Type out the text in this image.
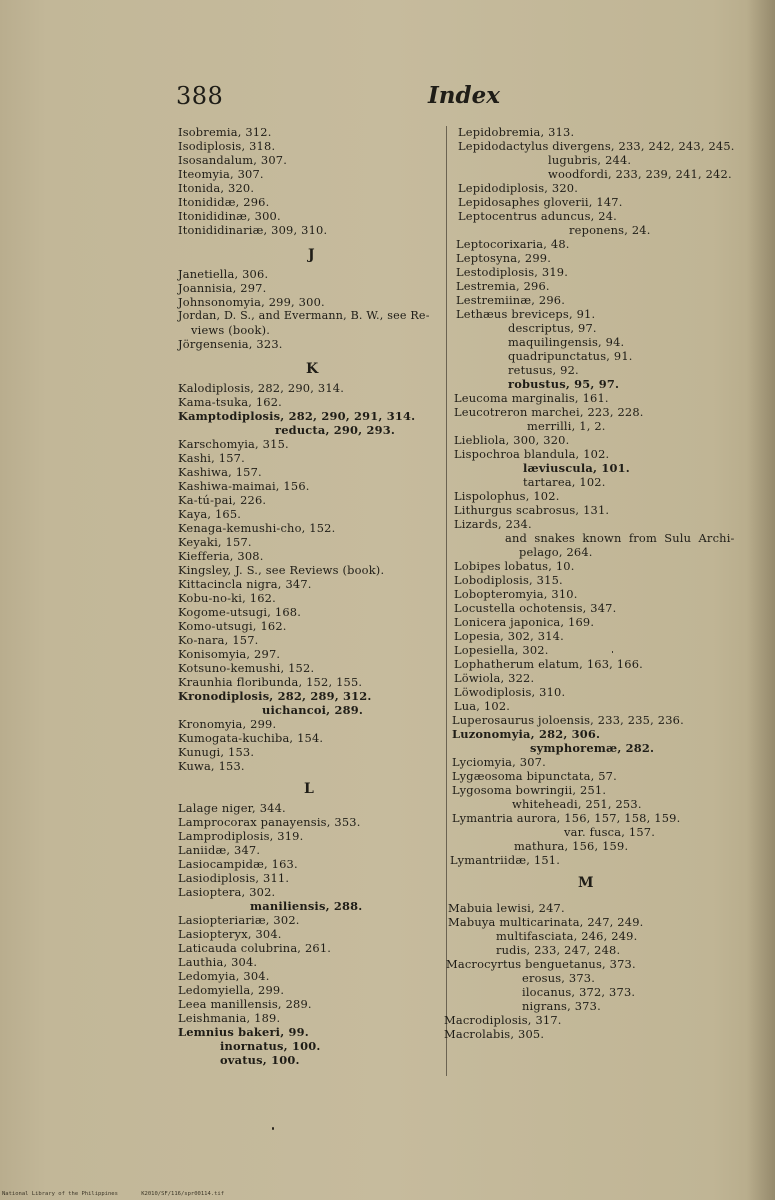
388	Index
Isobremia, 312.
Isodiplosis, 318.
Isosandalum, 307.
Iteomyia, 307.
Itonida, 320.
Itonididæ, 296.
Itonididinæ, 300.
Itonididinariæ, 309, 310.
J
Janetiella, 306.
Joannisia, 297.
Johnsonomyia, 299, 300.
Jordan, D. S., and Evermann, B. W., see Re-
views (book).
Jörgensenia, 323.
K
Kalodiplosis, 282, 290, 314.
Kama-tsuka, 162.
Kamptodiplosis, 282, 290, 291, 314.
reducta, 290, 293.
Karschomyia, 315.
Kashi, 157.
Kashiwa, 157.
Kashiwa-maimai, 156.
Ka-tú-pai, 226.
Kaya, 165.
Kenaga-kemushi-cho, 152.
Keyaki, 157.
Kiefferia, 308.
Kingsley, J. S., see Reviews (book).
Kittacincla nigra, 347.
Kobu-no-ki, 162.
Kogome-utsugi, 168.
Komo-utsugi, 162.
Ko-nara, 157.
Konisomyia, 297.
Kotsuno-kemushi, 152.
Kraunhia floribunda, 152, 155.
Kronodiplosis, 282, 289, 312.
uichancoi, 289.
Kronomyia, 299.
Kumogata-kuchiba, 154.
Kunugi, 153.
Kuwa, 153.
L
Lalage niger, 344.
Lamprocorax panayensis, 353.
Lamprodiplosis, 319.
Laniidæ, 347.
Lasiocampidæ, 163.
Lasiodiplosis, 311.
Lasioptera, 302.
maniliensis, 288.
Lasiopteriariæ, 302.
Lasiopteryx, 304.
Laticauda colubrina, 261.
Lauthia, 304.
Ledomyia, 304.
Ledomyiella, 299.
Leea manillensis, 289.
Leishmania, 189.
Lemnius bakeri, 99.
inornatus, 100.
ovatus, 100.
Lepidobremia, 313.
Lepidodactylus divergens, 233, 242, 243, 245.
lugubris, 244.
woodfordi, 233, 239, 241, 242.
Lepidodiplosis, 320.
Lepidosaphes gloverii, 147.
Leptocentrus aduncus, 24.
reponens, 24.
Leptocorixaria, 48.
Leptosyna, 299.
Lestodiplosis, 319.
Lestremia, 296.
Lestremiinæ, 296.
Lethæus breviceps, 91.
descriptus, 97.
maquilingensis, 94.
quadripunctatus, 91.
retusus, 92.
robustus, 95, 97.
Leucoma marginalis, 161.
Leucotreron marchei, 223, 228.
merrilli, 1, 2.
Liebliola, 300, 320.
Lispochroa blandula, 102.
læviuscula, 101.
tartarea, 102.
Lispolophus, 102.
Lithurgus scabrosus, 131.
Lizards, 234.
and snakes known from Sulu Archi-
pelago, 264.
Lobipes lobatus, 10.
Lobodiplosis, 315.
Lobopteromyia, 310.
Locustella ochotensis, 347.
Lonicera japonica, 169.
Lopesia, 302, 314.
Lopesiella, 302.
Lophatherum elatum, 163, 166.
Löwiola, 322.
Löwodiplosis, 310.
Lua, 102.
Luperosaurus joloensis, 233, 235, 236.
Luzonomyia, 282, 306.
symphoremæ, 282.
Lyciomyia, 307.
Lygæosoma bipunctata, 57.
Lygosoma bowringii, 251.
whiteheadi, 251, 253.
Lymantria aurora, 156, 157, 158, 159.
var. fusca, 157.
mathura, 156, 159.
Lymantriidæ, 151.
M
Mabuia lewisi, 247.
Mabuya multicarinata, 247, 249.
multifasciata, 246, 249.
rudis, 233, 247, 248.
Macrocyrtus benguetanus, 373.
erosus, 373.
ilocanus, 372, 373.
nigrans, 373.
Macrodiplosis, 317.
Macrolabis, 305.
National Library of the Philippines	K2010/SF/116/spr00114.tif
